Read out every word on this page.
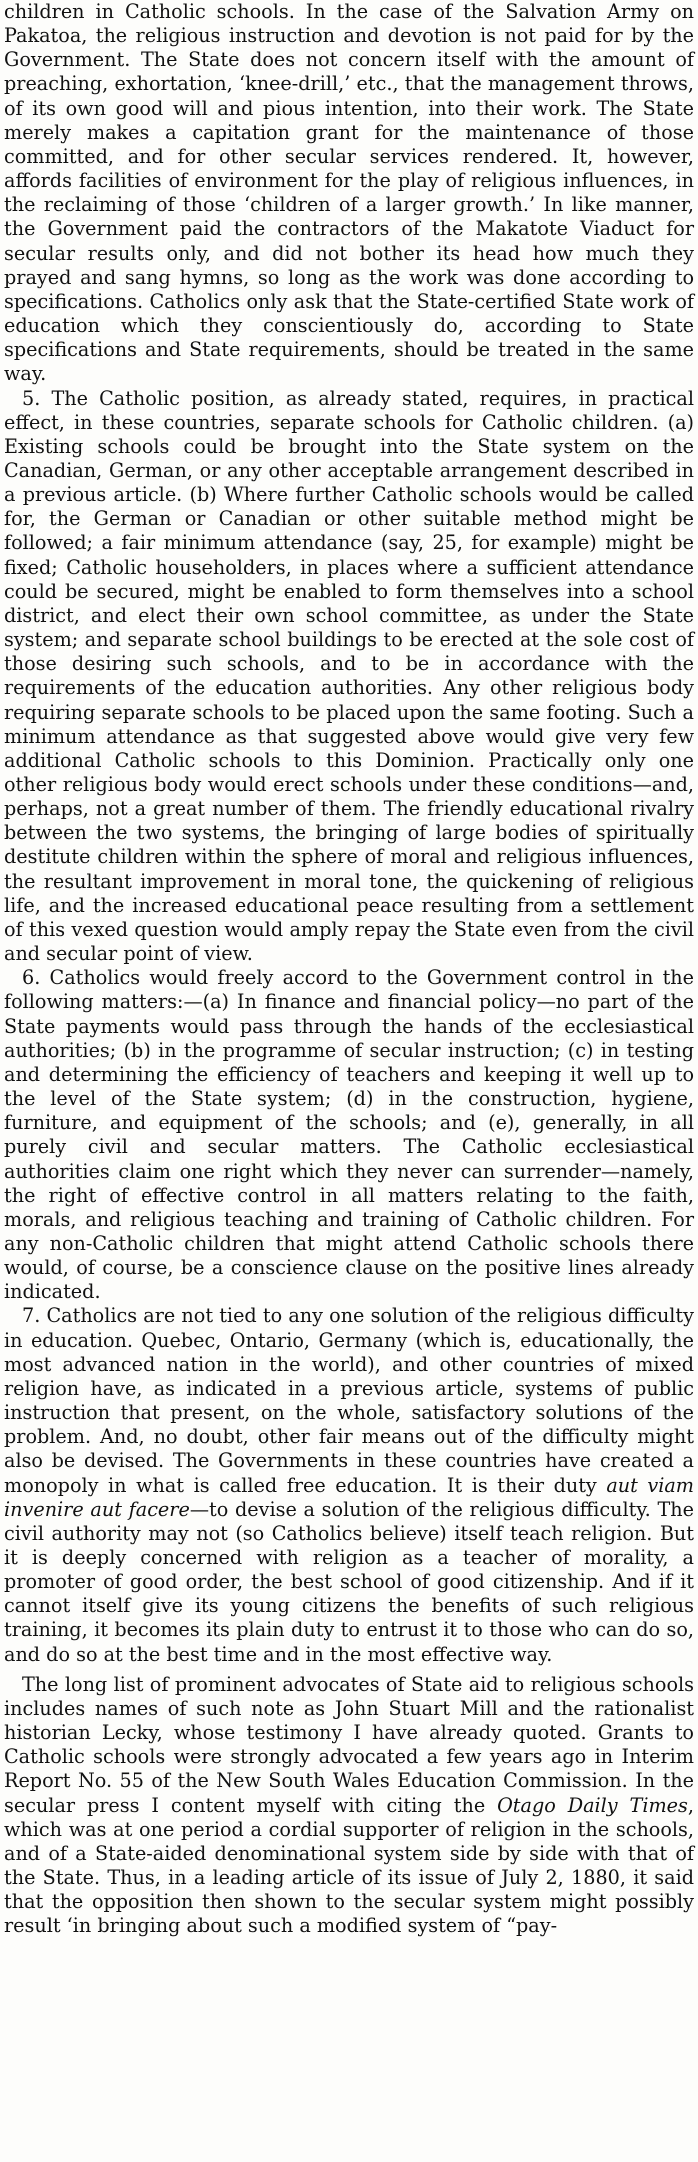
children in Catholic schools. In the case of the Salvation Army on Pakatoa, the religious instruction and devotion is not paid for by the Government. The State does not concern itself with the amount of preaching, exhortation, ‘knee-drill,’ etc., that the management throws, of its own good will and pious intention, into their work. The State merely makes a capitation grant for the maintenance of those committed, and for other secular services rendered. It, however, affords facilities of environment for the play of religious influences, in the reclaiming of those ‘children of a larger growth.’ In like manner, the Government paid the contractors of the Makatote Viaduct for secular results only, and did not bother its head how much they prayed and sang hymns, so long as the work was done according to specifications. Catholics only ask that the State-certified State work of education which they conscientiously do, according to State specifications and State requirements, should be treated in the same way.

5. The Catholic position, as already stated, requires, in practical effect, in these countries, separate schools for Catholic children. (a) Existing schools could be brought into the State system on the Canadian, German, or any other acceptable arrangement described in a previous article. (b) Where further Catholic schools would be called for, the German or Canadian or other suitable method might be followed; a fair minimum attendance (say, 25, for example) might be fixed; Catholic householders, in places where a sufficient attendance could be secured, might be enabled to form themselves into a school district, and elect their own school committee, as under the State system; and separate school buildings to be erected at the sole cost of those desiring such schools, and to be in accordance with the requirements of the education authorities. Any other religious body requiring separate schools to be placed upon the same footing. Such a minimum attendance as that suggested above would give very few additional Catholic schools to this Dominion. Practically only one other religious body would erect schools under these conditions—and, perhaps, not a great number of them. The friendly educational rivalry between the two systems, the bringing of large bodies of spiritually destitute children within the sphere of moral and religious influences, the resultant improvement in moral tone, the quickening of religious life, and the increased educational peace resulting from a settlement of this vexed question would amply repay the State even from the civil and secular point of view.

6. Catholics would freely accord to the Government control in the following matters:—(a) In finance and financial policy—no part of the State payments would pass through the hands of the ecclesiastical authorities; (b) in the programme of secular instruction; (c) in testing and determining the efficiency of teachers and keeping it well up to the level of the State system; (d) in the construction, hygiene, furniture, and equipment of the schools; and (e), generally, in all purely civil and secular matters. The Catholic ecclesiastical authorities claim one right which they never can surrender—namely, the right of effective control in all matters relating to the faith, morals, and religious teaching and training of Catholic children. For any non-Catholic children that might attend Catholic schools there would, of course, be a conscience clause on the positive lines already indicated.

7. Catholics are not tied to any one solution of the religious difficulty in education. Quebec, Ontario, Germany (which is, educationally, the most advanced nation in the world), and other countries of mixed religion have, as indicated in a previous article, systems of public instruction that present, on the whole, satisfactory solutions of the problem. And, no doubt, other fair means out of the difficulty might also be devised. The Governments in these countries have created a monopoly in what is called free education. It is their duty aut viam invenire aut facere—to devise a solution of the religious difficulty. The civil authority may not (so Catholics believe) itself teach religion. But it is deeply concerned with religion as a teacher of morality, a promoter of good order, the best school of good citizenship. And if it cannot itself give its young citizens the benefits of such religious training, it becomes its plain duty to entrust it to those who can do so, and do so at the best time and in the most effective way.

The long list of prominent advocates of State aid to religious schools includes names of such note as John Stuart Mill and the rationalist historian Lecky, whose testimony I have already quoted. Grants to Catholic schools were strongly advocated a few years ago in Interim Report No. 55 of the New South Wales Education Commission. In the secular press I content myself with citing the Otago Daily Times, which was at one period a cordial supporter of religion in the schools, and of a State-aided denominational system side by side with that of the State. Thus, in a leading article of its issue of July 2, 1880, it said that the opposition then shown to the secular system might possibly result ‘in bringing about such a modified system of “pay-
